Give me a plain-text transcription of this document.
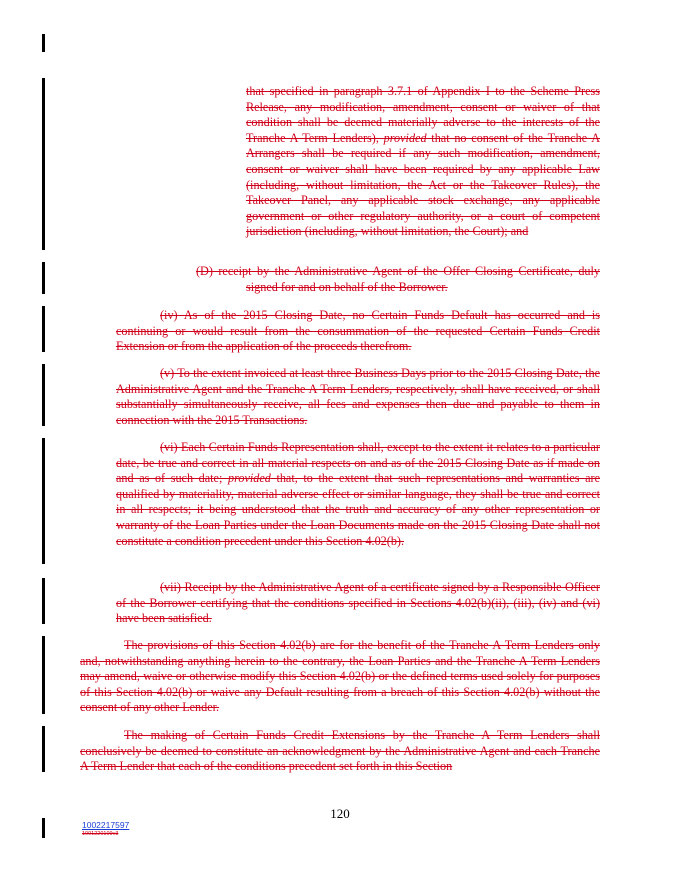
that specified in paragraph 3.7.1 of Appendix I to the Scheme Press Release, any modification, amendment, consent or waiver of that condition shall be deemed materially adverse to the interests of the Tranche A Term Lenders), provided that no consent of the Tranche A Arrangers shall be required if any such modification, amendment, consent or waiver shall have been required by any applicable Law (including, without limitation, the Act or the Takeover Rules), the Takeover Panel, any applicable stock exchange, any applicable government or other regulatory authority, or a court of competent jurisdiction (including, without limitation, the Court); and

(D) receipt by the Administrative Agent of the Offer Closing Certificate, duly signed for and on behalf of the Borrower.

(iv) As of the 2015 Closing Date, no Certain Funds Default has occurred and is continuing or would result from the consummation of the requested Certain Funds Credit Extension or from the application of the proceeds therefrom.

(v) To the extent invoiced at least three Business Days prior to the 2015 Closing Date, the Administrative Agent and the Tranche A Term Lenders, respectively, shall have received, or shall substantially simultaneously receive, all fees and expenses then due and payable to them in connection with the 2015 Transactions.

(vi) Each Certain Funds Representation shall, except to the extent it relates to a particular date, be true and correct in all material respects on and as of the 2015 Closing Date as if made on and as of such date; provided that, to the extent that such representations and warranties are qualified by materiality, material adverse effect or similar language, they shall be true and correct in all respects; it being understood that the truth and accuracy of any other representation or warranty of the Loan Parties under the Loan Documents made on the 2015 Closing Date shall not constitute a condition precedent under this Section 4.02(b).

(vii) Receipt by the Administrative Agent of a certificate signed by a Responsible Officer of the Borrower certifying that the conditions specified in Sections 4.02(b)(ii), (iii), (iv) and (vi) have been satisfied.

The provisions of this Section 4.02(b) are for the benefit of the Tranche A Term Lenders only and, notwithstanding anything herein to the contrary, the Loan Parties and the Tranche A Term Lenders may amend, waive or otherwise modify this Section 4.02(b) or the defined terms used solely for purposes of this Section 4.02(b) or waive any Default resulting from a breach of this Section 4.02(b) without the consent of any other Lender.

The making of Certain Funds Credit Extensions by the Tranche A Term Lenders shall conclusively be deemed to constitute an acknowledgment by the Administrative Agent and each Tranche A Term Lender that each of the conditions precedent set forth in this Section

120
1002217597
1001220109v3
